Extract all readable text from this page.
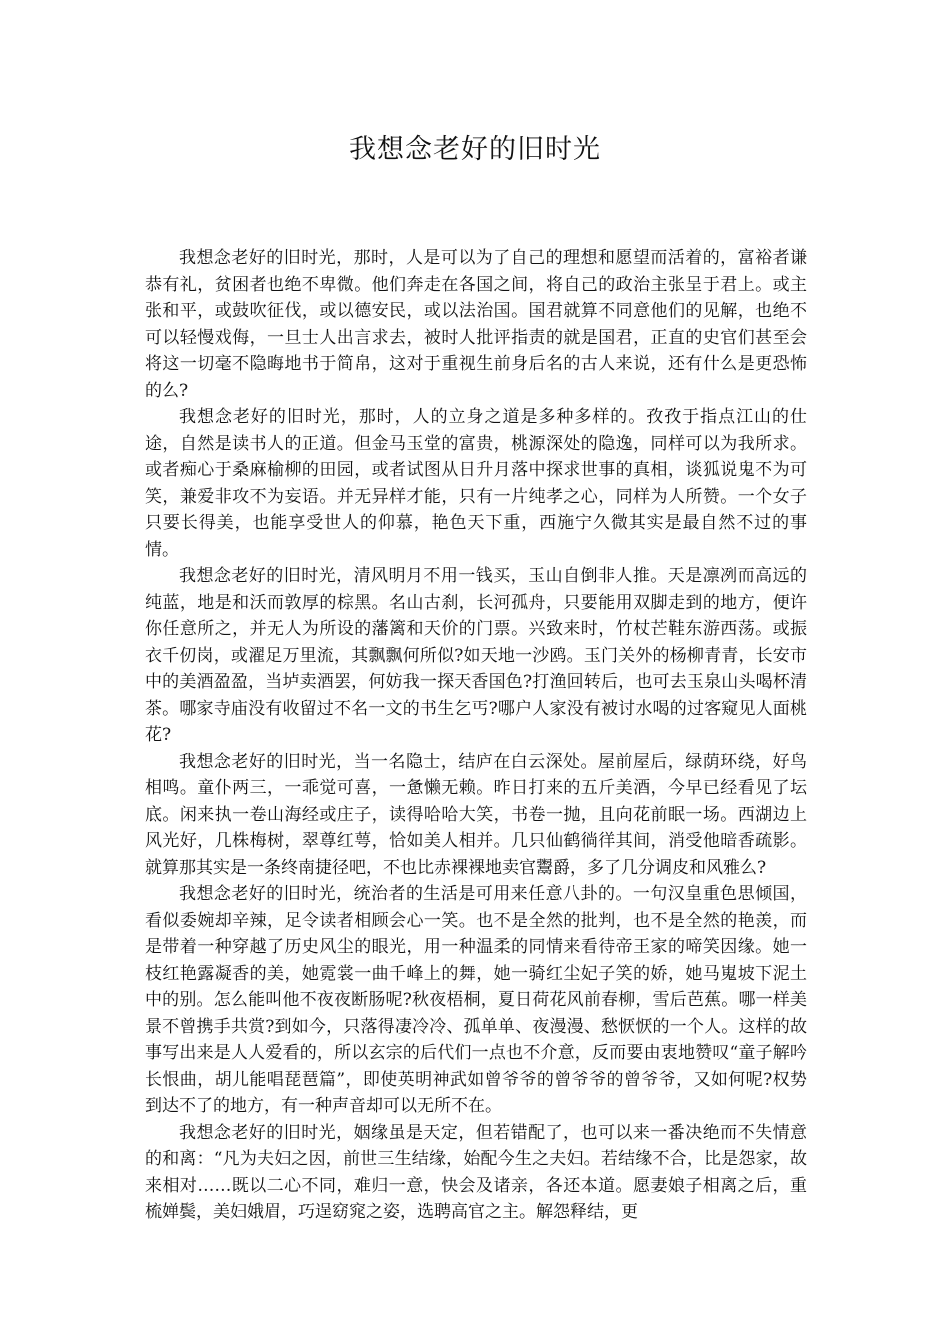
我想念老好的旧时光

我想念老好的旧时光，那时，人是可以为了自己的理想和愿望而活着的，富裕者谦恭有礼，贫困者也绝不卑微。他们奔走在各国之间，将自己的政治主张呈于君上。或主张和平，或鼓吹征伐，或以德安民，或以法治国。国君就算不同意他们的见解，也绝不可以轻慢戏侮，一旦士人出言求去，被时人批评指责的就是国君，正直的史官们甚至会将这一切毫不隐晦地书于简帛，这对于重视生前身后名的古人来说，还有什么是更恐怖的么?

我想念老好的旧时光，那时，人的立身之道是多种多样的。孜孜于指点江山的仕途，自然是读书人的正道。但金马玉堂的富贵，桃源深处的隐逸，同样可以为我所求。或者痴心于桑麻榆柳的田园，或者试图从日升月落中探求世事的真相，谈狐说鬼不为可笑，兼爱非攻不为妄语。并无异样才能，只有一片纯孝之心，同样为人所赞。一个女子只要长得美，也能享受世人的仰慕，艳色天下重，西施宁久微其实是最自然不过的事情。

我想念老好的旧时光，清风明月不用一钱买，玉山自倒非人推。天是凛冽而高远的纯蓝，地是和沃而敦厚的棕黑。名山古刹，长河孤舟，只要能用双脚走到的地方，便许你任意所之，并无人为所设的藩篱和天价的门票。兴致来时，竹杖芒鞋东游西荡。或振衣千仞岗，或濯足万里流，其飘飘何所似?如天地一沙鸥。玉门关外的杨柳青青，长安市中的美酒盈盈，当垆卖酒罢，何妨我一探天香国色?打渔回转后，也可去玉泉山头喝杯清茶。哪家寺庙没有收留过不名一文的书生乞丐?哪户人家没有被讨水喝的过客窥见人面桃花?

我想念老好的旧时光，当一名隐士，结庐在白云深处。屋前屋后，绿荫环绕，好鸟相鸣。童仆两三，一乖觉可喜，一惫懒无赖。昨日打来的五斤美酒，今早已经看见了坛底。闲来执一卷山海经或庄子，读得哈哈大笑，书卷一抛，且向花前眠一场。西湖边上风光好，几株梅树，翠尊红萼，恰如美人相并。几只仙鹤徜徉其间，消受他暗香疏影。就算那其实是一条终南捷径吧，不也比赤裸裸地卖官鬻爵，多了几分调皮和风雅么?

我想念老好的旧时光，统治者的生活是可用来任意八卦的。一句汉皇重色思倾国，看似委婉却辛辣，足令读者相顾会心一笑。也不是全然的批判，也不是全然的艳羡，而是带着一种穿越了历史风尘的眼光，用一种温柔的同情来看待帝王家的啼笑因缘。她一枝红艳露凝香的美，她霓裳一曲千峰上的舞，她一骑红尘妃子笑的娇，她马嵬坡下泥土中的别。怎么能叫他不夜夜断肠呢?秋夜梧桐，夏日荷花风前春柳，雪后芭蕉。哪一样美景不曾携手共赏?到如今，只落得凄冷冷、孤单单、夜漫漫、愁恹恹的一个人。这样的故事写出来是人人爱看的，所以玄宗的后代们一点也不介意，反而要由衷地赞叹“童子解吟长恨曲，胡儿能唱琵琶篇”，即使英明神武如曾爷爷的曾爷爷的曾爷爷，又如何呢?权势到达不了的地方，有一种声音却可以无所不在。

我想念老好的旧时光，姻缘虽是天定，但若错配了，也可以来一番决绝而不失情意的和离：“凡为夫妇之因，前世三生结缘，始配今生之夫妇。若结缘不合，比是怨家，故来相对……既以二心不同，难归一意，快会及诸亲，各还本道。愿妻娘子相离之后，重梳婵鬓，美妇娥眉，巧逞窈窕之姿，选聘高官之主。解怨释结，更
